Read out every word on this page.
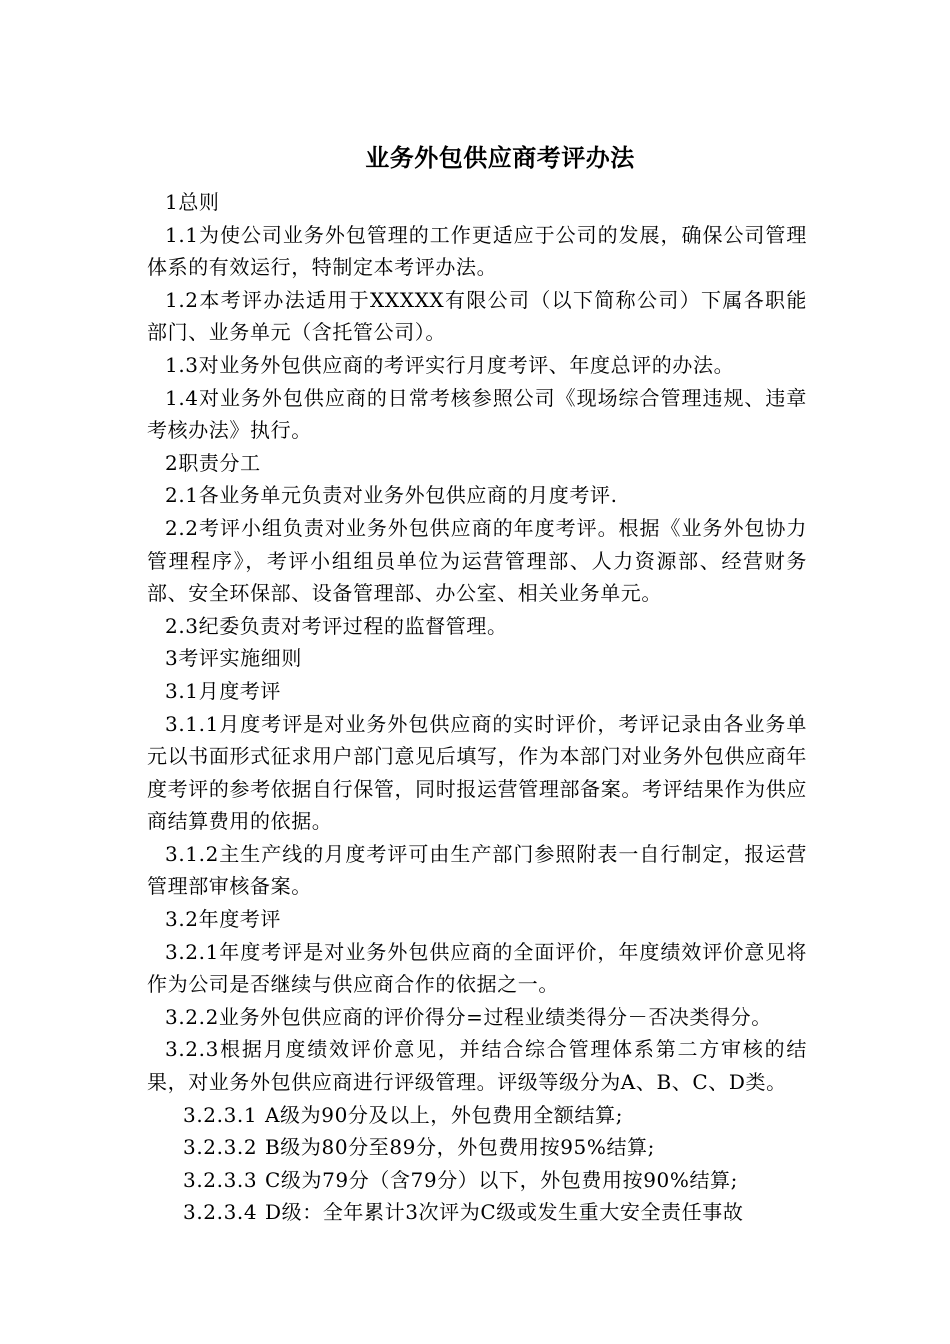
业务外包供应商考评办法

1总则

1.1为使公司业务外包管理的工作更适应于公司的发展，确保公司管理体系的有效运行，特制定本考评办法。

1.2本考评办法适用于XXXXX有限公司（以下简称公司）下属各职能部门、业务单元（含托管公司）。

1.3对业务外包供应商的考评实行月度考评、年度总评的办法。

1.4对业务外包供应商的日常考核参照公司《现场综合管理违规、违章考核办法》执行。

2职责分工

2.1各业务单元负责对业务外包供应商的月度考评.

2.2考评小组负责对业务外包供应商的年度考评。根据《业务外包协力管理程序》，考评小组组员单位为运营管理部、人力资源部、经营财务部、安全环保部、设备管理部、办公室、相关业务单元。

2.3纪委负责对考评过程的监督管理。

3考评实施细则

3.1月度考评

3.1.1月度考评是对业务外包供应商的实时评价，考评记录由各业务单元以书面形式征求用户部门意见后填写，作为本部门对业务外包供应商年度考评的参考依据自行保管，同时报运营管理部备案。考评结果作为供应商结算费用的依据。

3.1.2主生产线的月度考评可由生产部门参照附表一自行制定，报运营管理部审核备案。

3.2年度考评

3.2.1年度考评是对业务外包供应商的全面评价，年度绩效评价意见将作为公司是否继续与供应商合作的依据之一。

3.2.2业务外包供应商的评价得分=过程业绩类得分－否决类得分。

3.2.3根据月度绩效评价意见，并结合综合管理体系第二方审核的结果，对业务外包供应商进行评级管理。评级等级分为A、B、C、D类。

3.2.3.1 A级为90分及以上，外包费用全额结算;

3.2.3.2 B级为80分至89分，外包费用按95%结算;

3.2.3.3 C级为79分（含79分）以下，外包费用按90%结算;

3.2.3.4 D级：全年累计3次评为C级或发生重大安全责任事故
